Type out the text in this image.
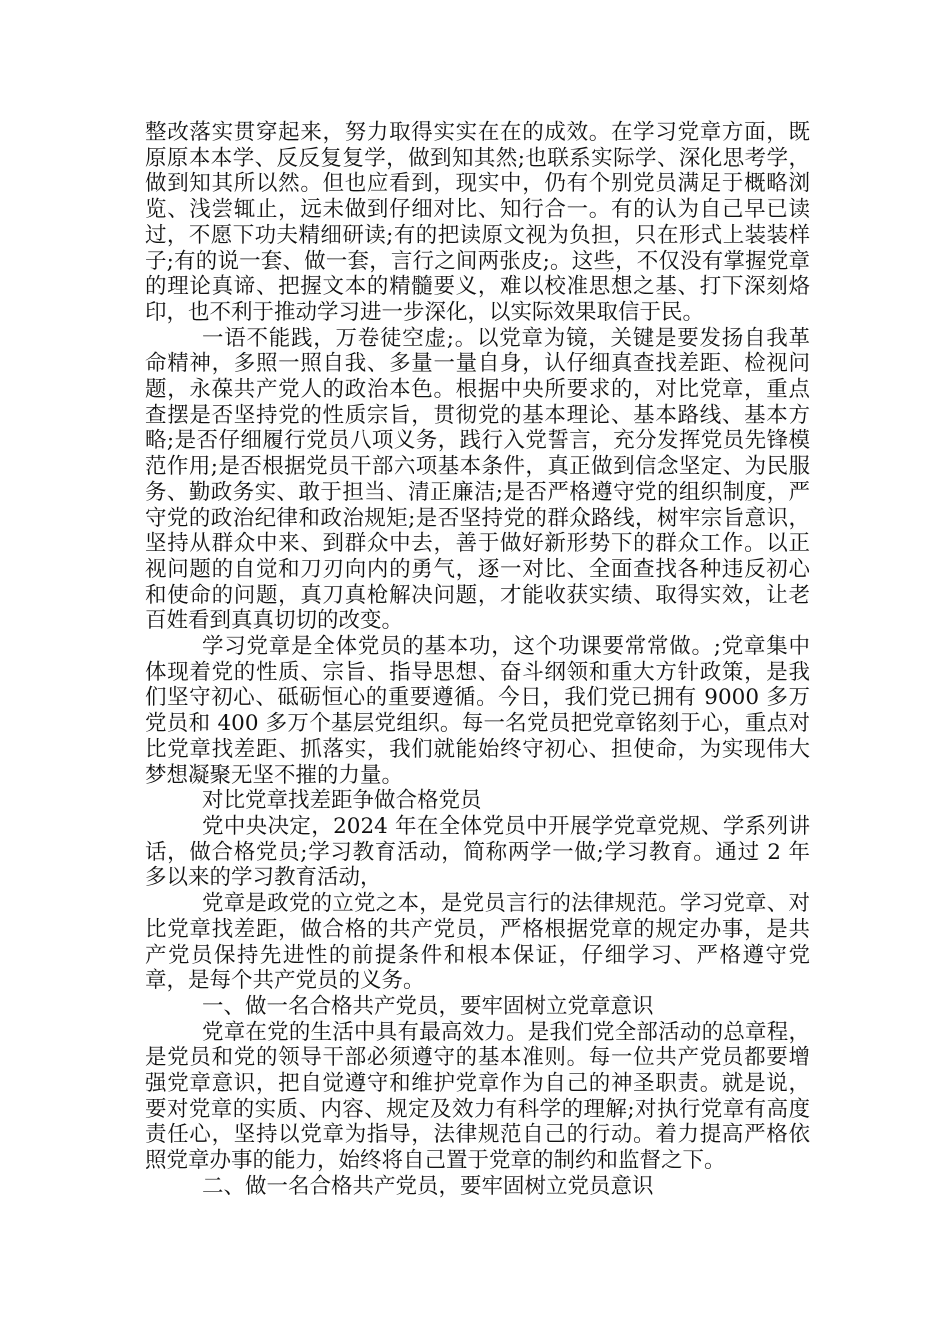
整改落实贯穿起来，努力取得实实在在的成效。在学习党章方面，既原原本本学、反反复复学，做到知其然;也联系实际学、深化思考学，做到知其所以然。但也应看到，现实中，仍有个别党员满足于概略浏览、浅尝辄止，远未做到仔细对比、知行合一。有的认为自己早已读过，不愿下功夫精细研读;有的把读原文视为负担，只在形式上装装样子;有的说一套、做一套，言行之间两张皮;。这些，不仅没有掌握党章的理论真谛、把握文本的精髓要义，难以校准思想之基、打下深刻烙印，也不利于推动学习进一步深化，以实际效果取信于民。

一语不能践，万卷徒空虚;。以党章为镜，关键是要发扬自我革命精神，多照一照自我、多量一量自身，认仔细真查找差距、检视问题，永葆共产党人的政治本色。根据中央所要求的，对比党章，重点查摆是否坚持党的性质宗旨，贯彻党的基本理论、基本路线、基本方略;是否仔细履行党员八项义务，践行入党誓言，充分发挥党员先锋模范作用;是否根据党员干部六项基本条件，真正做到信念坚定、为民服务、勤政务实、敢于担当、清正廉洁;是否严格遵守党的组织制度，严守党的政治纪律和政治规矩;是否坚持党的群众路线，树牢宗旨意识，坚持从群众中来、到群众中去，善于做好新形势下的群众工作。以正视问题的自觉和刀刃向内的勇气，逐一对比、全面查找各种违反初心和使命的问题，真刀真枪解决问题，才能收获实绩、取得实效，让老百姓看到真真切切的改变。

学习党章是全体党员的基本功，这个功课要常常做。;党章集中体现着党的性质、宗旨、指导思想、奋斗纲领和重大方针政策，是我们坚守初心、砥砺恒心的重要遵循。今日，我们党已拥有 9000 多万党员和 400 多万个基层党组织。每一名党员把党章铭刻于心，重点对比党章找差距、抓落实，我们就能始终守初心、担使命，为实现伟大梦想凝聚无坚不摧的力量。

对比党章找差距争做合格党员

党中央决定，2024 年在全体党员中开展学党章党规、学系列讲话，做合格党员;学习教育活动，简称两学一做;学习教育。通过 2 年多以来的学习教育活动，

党章是政党的立党之本，是党员言行的法律规范。学习党章、对比党章找差距，做合格的共产党员，严格根据党章的规定办事，是共产党员保持先进性的前提条件和根本保证，仔细学习、严格遵守党章，是每个共产党员的义务。

一、做一名合格共产党员，要牢固树立党章意识

党章在党的生活中具有最高效力。是我们党全部活动的总章程，是党员和党的领导干部必须遵守的基本准则。每一位共产党员都要增强党章意识，把自觉遵守和维护党章作为自己的神圣职责。就是说，要对党章的实质、内容、规定及效力有科学的理解;对执行党章有高度责任心，坚持以党章为指导，法律规范自己的行动。着力提高严格依照党章办事的能力，始终将自己置于党章的制约和监督之下。

二、做一名合格共产党员，要牢固树立党员意识
